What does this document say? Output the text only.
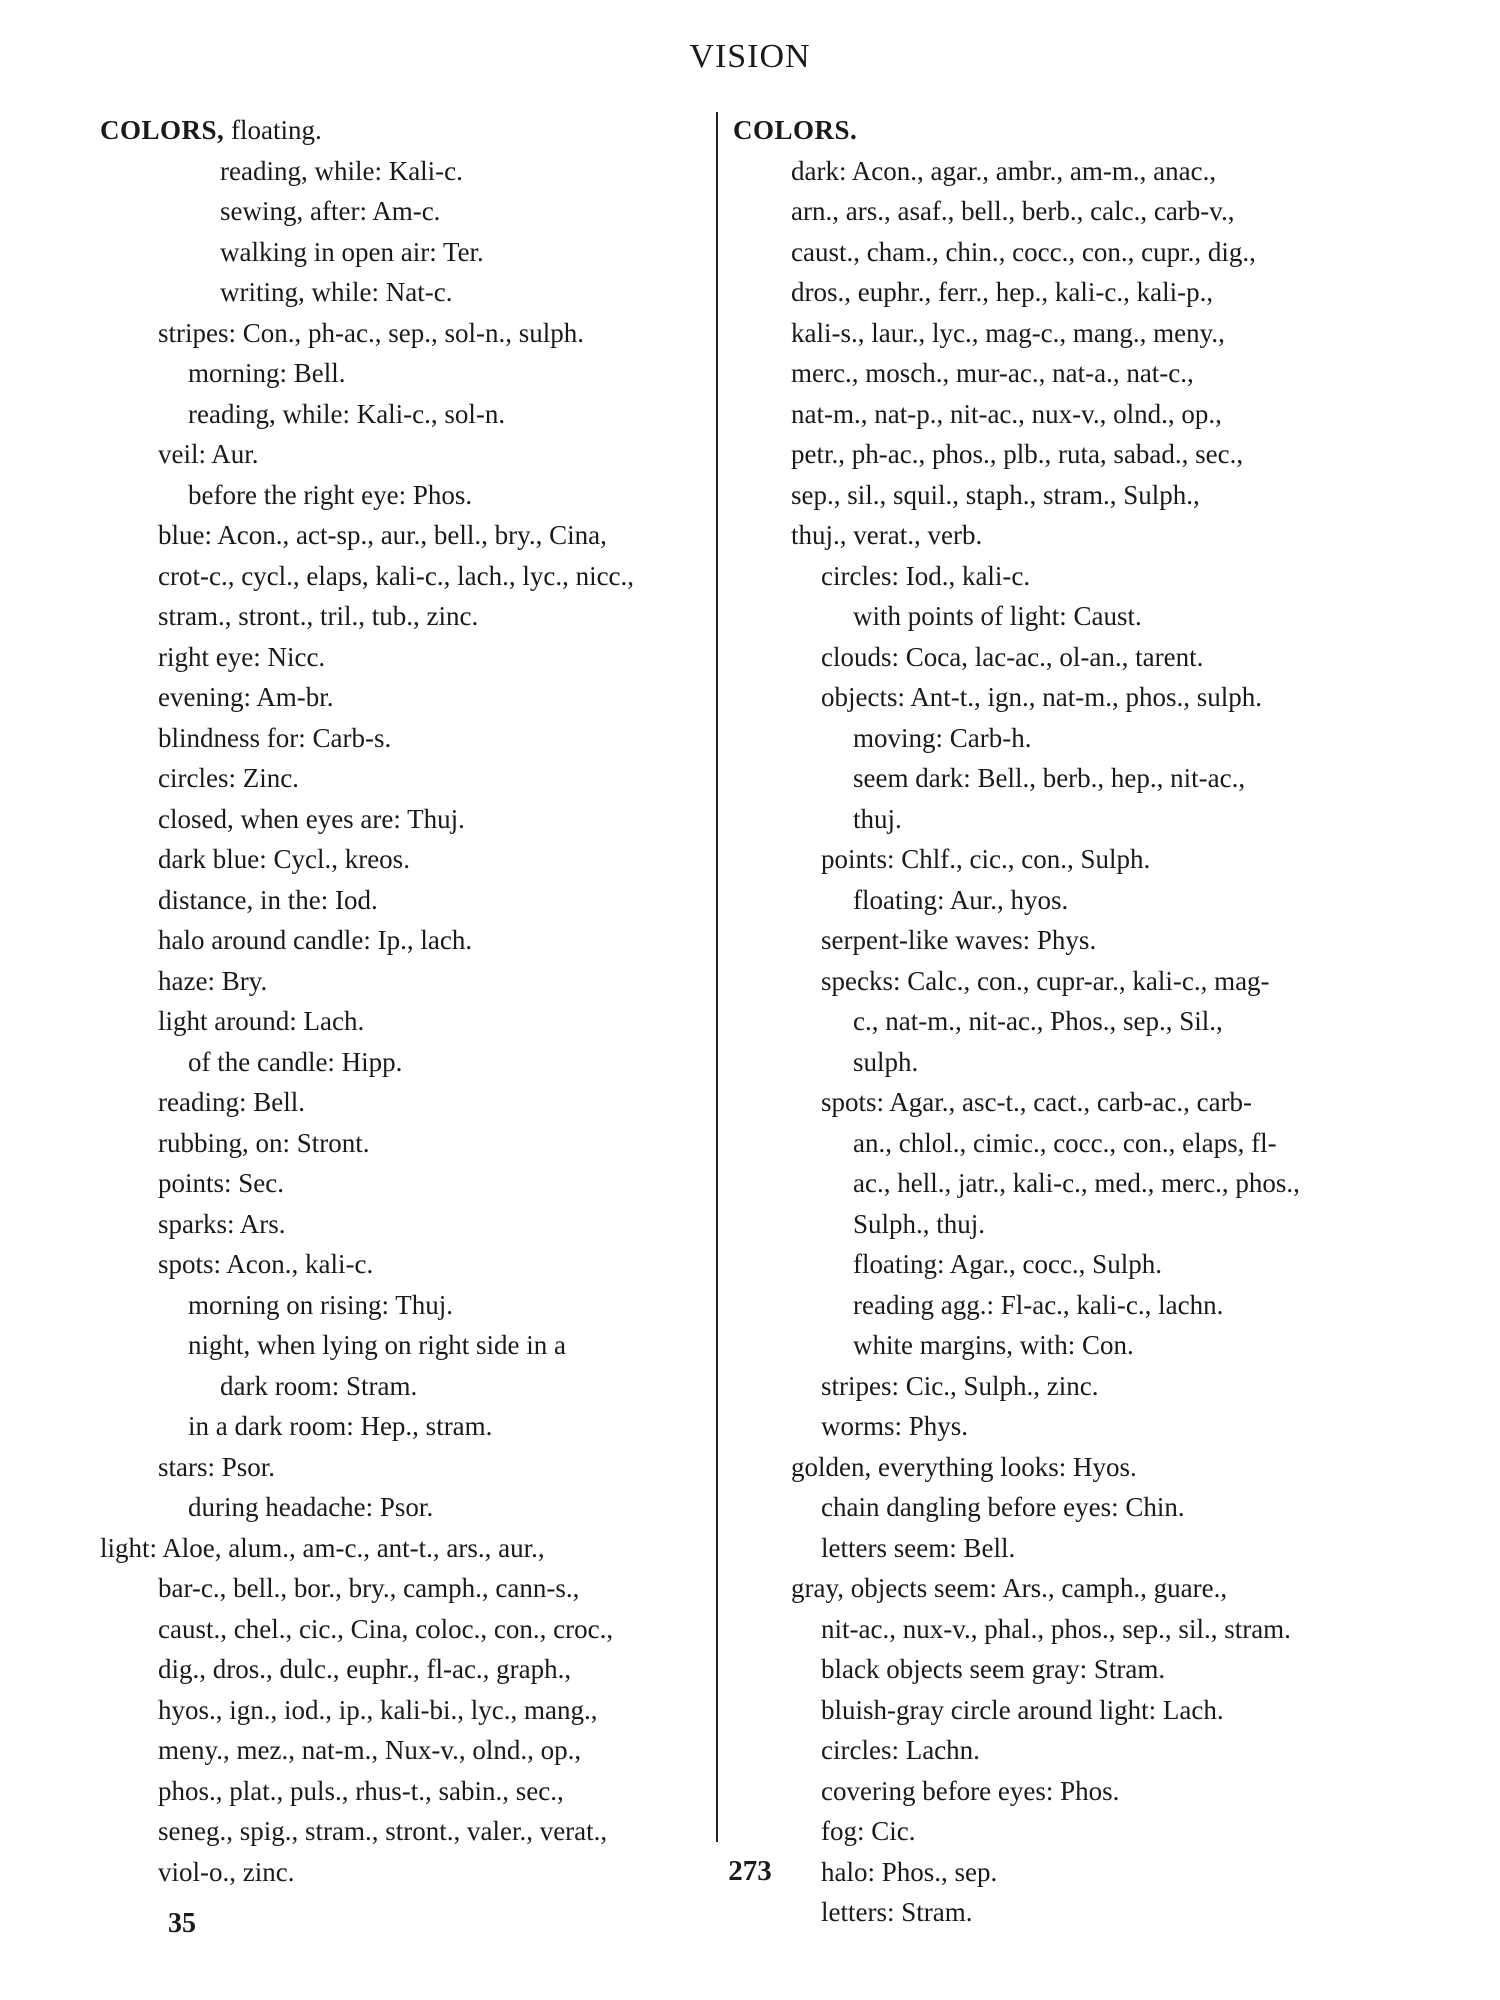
VISION
COLORS, floating.
reading, while: Kali-c.
sewing, after: Am-c.
walking in open air: Ter.
writing, while: Nat-c.
stripes: Con., ph-ac., sep., sol-n., sulph.
morning: Bell.
reading, while: Kali-c., sol-n.
veil: Aur.
before the right eye: Phos.
blue: Acon., act-sp., aur., bell., bry., Cina,
crot-c., cycl., elaps, kali-c., lach., lyc., nicc.,
stram., stront., tril., tub., zinc.
right eye: Nicc.
evening: Am-br.
blindness for: Carb-s.
circles: Zinc.
closed, when eyes are: Thuj.
dark blue: Cycl., kreos.
distance, in the: Iod.
halo around candle: Ip., lach.
haze: Bry.
light around: Lach.
of the candle: Hipp.
reading: Bell.
rubbing, on: Stront.
points: Sec.
sparks: Ars.
spots: Acon., kali-c.
morning on rising: Thuj.
night, when lying on right side in a
dark room: Stram.
in a dark room: Hep., stram.
stars: Psor.
during headache: Psor.
light: Aloe, alum., am-c., ant-t., ars., aur.,
bar-c., bell., bor., bry., camph., cann-s.,
caust., chel., cic., Cina, coloc., con., croc.,
dig., dros., dulc., euphr., fl-ac., graph.,
hyos., ign., iod., ip., kali-bi., lyc., mang.,
meny., mez., nat-m., Nux-v., olnd., op.,
phos., plat., puls., rhus-t., sabin., sec.,
seneg., spig., stram., stront., valer., verat.,
viol-o., zinc.
COLORS.
dark: Acon., agar., ambr., am-m., anac.,
arn., ars., asaf., bell., berb., calc., carb-v.,
caust., cham., chin., cocc., con., cupr., dig.,
dros., euphr., ferr., hep., kali-c., kali-p.,
kali-s., laur., lyc., mag-c., mang., meny.,
merc., mosch., mur-ac., nat-a., nat-c.,
nat-m., nat-p., nit-ac., nux-v., olnd., op.,
petr., ph-ac., phos., plb., ruta, sabad., sec.,
sep., sil., squil., staph., stram., Sulph.,
thuj., verat., verb.
circles: Iod., kali-c.
with points of light: Caust.
clouds: Coca, lac-ac., ol-an., tarent.
objects: Ant-t., ign., nat-m., phos., sulph.
moving: Carb-h.
seem dark: Bell., berb., hep., nit-ac.,
thuj.
points: Chlf., cic., con., Sulph.
floating: Aur., hyos.
serpent-like waves: Phys.
specks: Calc., con., cupr-ar., kali-c., mag-
c., nat-m., nit-ac., Phos., sep., Sil.,
sulph.
spots: Agar., asc-t., cact., carb-ac., carb-
an., chlol., cimic., cocc., con., elaps, fl-
ac., hell., jatr., kali-c., med., merc., phos.,
Sulph., thuj.
floating: Agar., cocc., Sulph.
reading agg.: Fl-ac., kali-c., lachn.
white margins, with: Con.
stripes: Cic., Sulph., zinc.
worms: Phys.
golden, everything looks: Hyos.
chain dangling before eyes: Chin.
letters seem: Bell.
gray, objects seem: Ars., camph., guare.,
nit-ac., nux-v., phal., phos., sep., sil., stram.
black objects seem gray: Stram.
bluish-gray circle around light: Lach.
circles: Lachn.
covering before eyes: Phos.
fog: Cic.
halo: Phos., sep.
letters: Stram.
273
35
